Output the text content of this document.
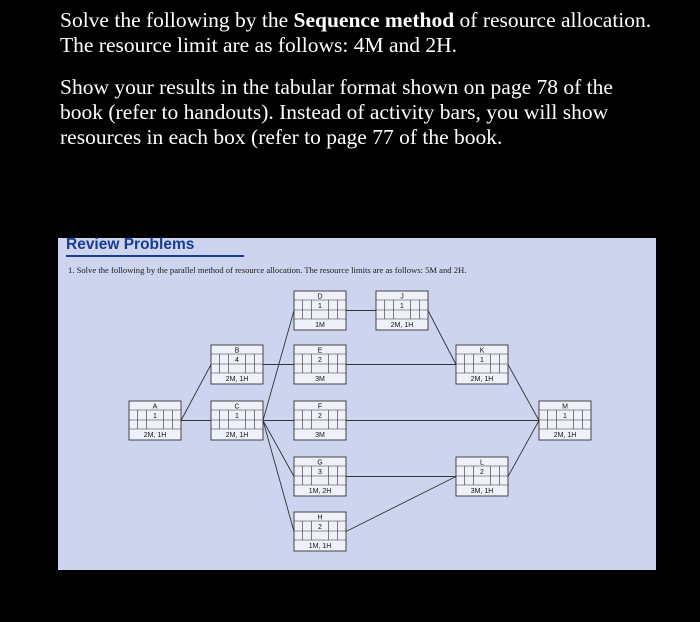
Solve the following by the Sequence method of resource allocation. The resource limit are as follows: 4M and 2H.

Show your results in the tabular format shown on page 78 of the book (refer to handouts). Instead of activity bars, you will show resources in each box (refer to page 77 of the book.

Review Problems
1. Solve the following by the parallel method of resource allocation. The resource limits are as follows: 5M and 2H.
A
1
2M, 1H
B
4
2M, 1H
C
1
2M, 1H
D
1
1M
E
2
3M
F
2
3M
G
3
1M, 2H
H
2
1M, 1H
J
1
2M, 1H
K
1
2M, 1H
L
2
3M, 1H
M
1
2M, 1H
